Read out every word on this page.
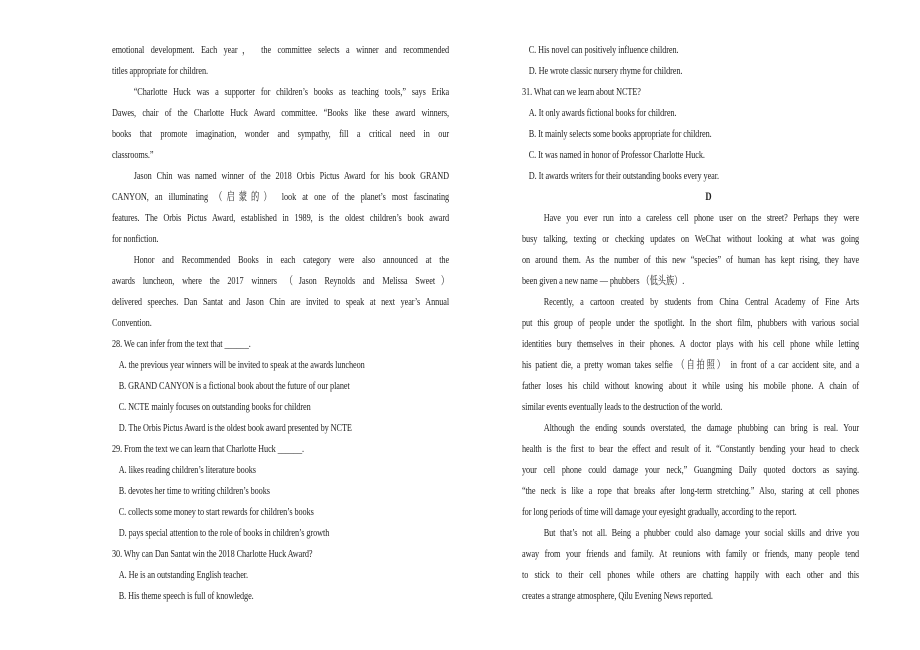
emotional development. Each year， the committee selects a winner and recommended
titles appropriate for children.
“Charlotte Huck was a supporter for children’s books as teaching tools,” says Erika
Dawes, chair of the Charlotte Huck Award committee. “Books like these award winners,
books that promote imagination, wonder and sympathy, fill a critical need in our
classrooms.”
Jason Chin was named winner of the 2018 Orbis Pictus Award for his book GRAND
CANYON, an illuminating （启蒙的） look at one of the planet’s most fascinating
features. The Orbis Pictus Award, established in 1989, is the oldest children’s book award
for nonfiction.
Honor and Recommended Books in each category were also announced at the
awards luncheon, where the 2017 winners （Jason Reynolds and Melissa Sweet）
delivered speeches. Dan Santat and Jason Chin are invited to speak at next year’s Annual
Convention.
28. We can infer from the text that ______.
A. the previous year winners will be invited to speak at the awards luncheon
B. GRAND CANYON is a fictional book about the future of our planet
C. NCTE mainly focuses on outstanding books for children
D. The Orbis Pictus Award is the oldest book award presented by NCTE
29. From the text we can learn that Charlotte Huck ______.
A. likes reading children’s literature books
B. devotes her time to writing children’s books
C. collects some money to start rewards for children’s books
D. pays special attention to the role of books in children’s growth
30. Why can Dan Santat win the 2018 Charlotte Huck Award?
A. He is an outstanding English teacher.
B. His theme speech is full of knowledge.
C. His novel can positively influence children.
D. He wrote classic nursery rhyme for children.
31. What can we learn about NCTE?
A. It only awards fictional books for children.
B. It mainly selects some books appropriate for children.
C. It was named in honor of Professor Charlotte Huck.
D. It awards writers for their outstanding books every year.
D
Have you ever run into a careless cell phone user on the street? Perhaps they were
busy talking, texting or checking updates on WeChat without looking at what was going
on around them. As the number of this new “species” of human has kept rising, they have
been given a new name — phubbers （低头族）.
Recently, a cartoon created by students from China Central Academy of Fine Arts
put this group of people under the spotlight. In the short film, phubbers with various social
identities bury themselves in their phones. A doctor plays with his cell phone while letting
his patient die, a pretty woman takes selfie （自拍照） in front of a car accident site, and a
father loses his child without knowing about it while using his mobile phone. A chain of
similar events eventually leads to the destruction of the world.
Although the ending sounds overstated, the damage phubbing can bring is real. Your
health is the first to bear the effect and result of it. “Constantly bending your head to check
your cell phone could damage your neck,” Guangming Daily quoted doctors as saying.
“the neck is like a rope that breaks after long-term stretching.” Also, staring at cell phones
for long periods of time will damage your eyesight gradually, according to the report.
But that’s not all. Being a phubber could also damage your social skills and drive you
away from your friends and family. At reunions with family or friends, many people tend
to stick to their cell phones while others are chatting happily with each other and this
creates a strange atmosphere, Qilu Evening News reported.
